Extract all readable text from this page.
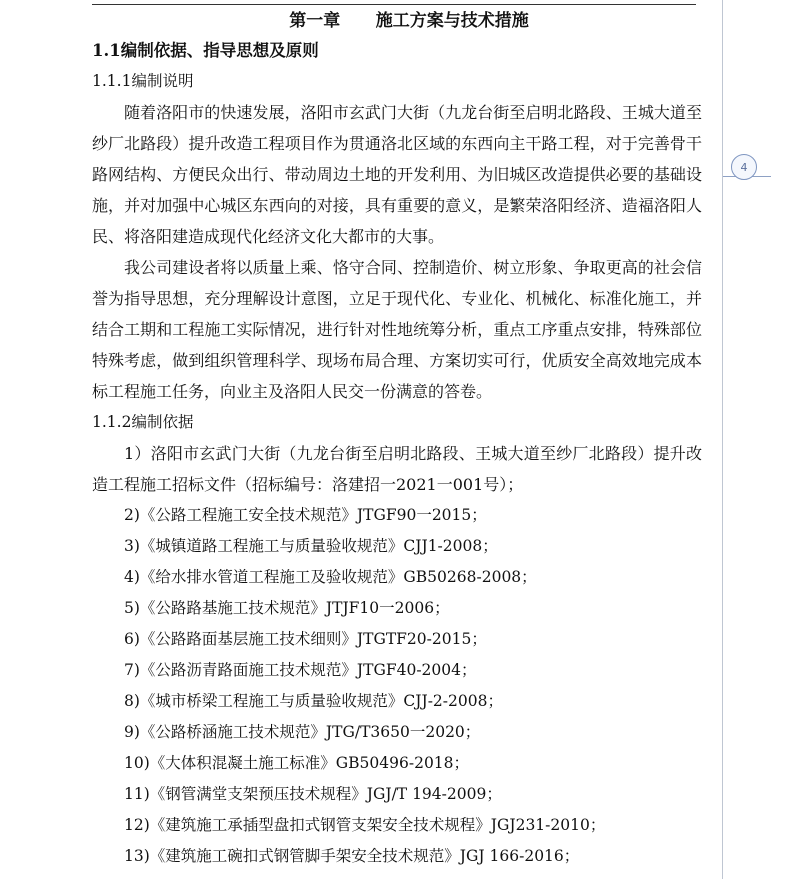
4
第一章      施工方案与技术措施
1.1编制依据、指导思想及原则
1.1.1编制说明

随着洛阳市的快速发展，洛阳市玄武门大街（九龙台街至启明北路段、王城大道至纱厂北路段）提升改造工程项目作为贯通洛北区域的东西向主干路工程，对于完善骨干路网结构、方便民众出行、带动周边土地的开发利用、为旧城区改造提供必要的基础设施，并对加强中心城区东西向的对接，具有重要的意义，是繁荣洛阳经济、造福洛阳人民、将洛阳建造成现代化经济文化大都市的大事。

我公司建设者将以质量上乘、恪守合同、控制造价、树立形象、争取更高的社会信誉为指导思想，充分理解设计意图，立足于现代化、专业化、机械化、标准化施工，并结合工期和工程施工实际情况，进行针对性地统筹分析，重点工序重点安排，特殊部位特殊考虑，做到组织管理科学、现场布局合理、方案切实可行，优质安全高效地完成本标工程施工任务，向业主及洛阳人民交一份满意的答卷。

1.1.2编制依据
1）洛阳市玄武门大街（九龙台街至启明北路段、王城大道至纱厂北路段）提升改造工程施工招标文件（招标编号：洛建招一2021一001号）；
2)《公路工程施工安全技术规范》JTGF90一2015；
3)《城镇道路工程施工与质量验收规范》CJJ1-2008；
4)《给水排水管道工程施工及验收规范》GB50268-2008；
5)《公路路基施工技术规范》JTJF10一2006；
6)《公路路面基层施工技术细则》JTGTF20-2015；
7)《公路沥青路面施工技术规范》JTGF40-2004；
8)《城市桥梁工程施工与质量验收规范》CJJ-2-2008；
9)《公路桥涵施工技术规范》JTG/T3650一2020；
10)《大体积混凝土施工标准》GB50496-2018；
11)《钢管满堂支架预压技术规程》JGJ/T 194-2009；
12)《建筑施工承插型盘扣式钢管支架安全技术规程》JGJ231-2010；
13)《建筑施工碗扣式钢管脚手架安全技术规范》JGJ 166-2016；
